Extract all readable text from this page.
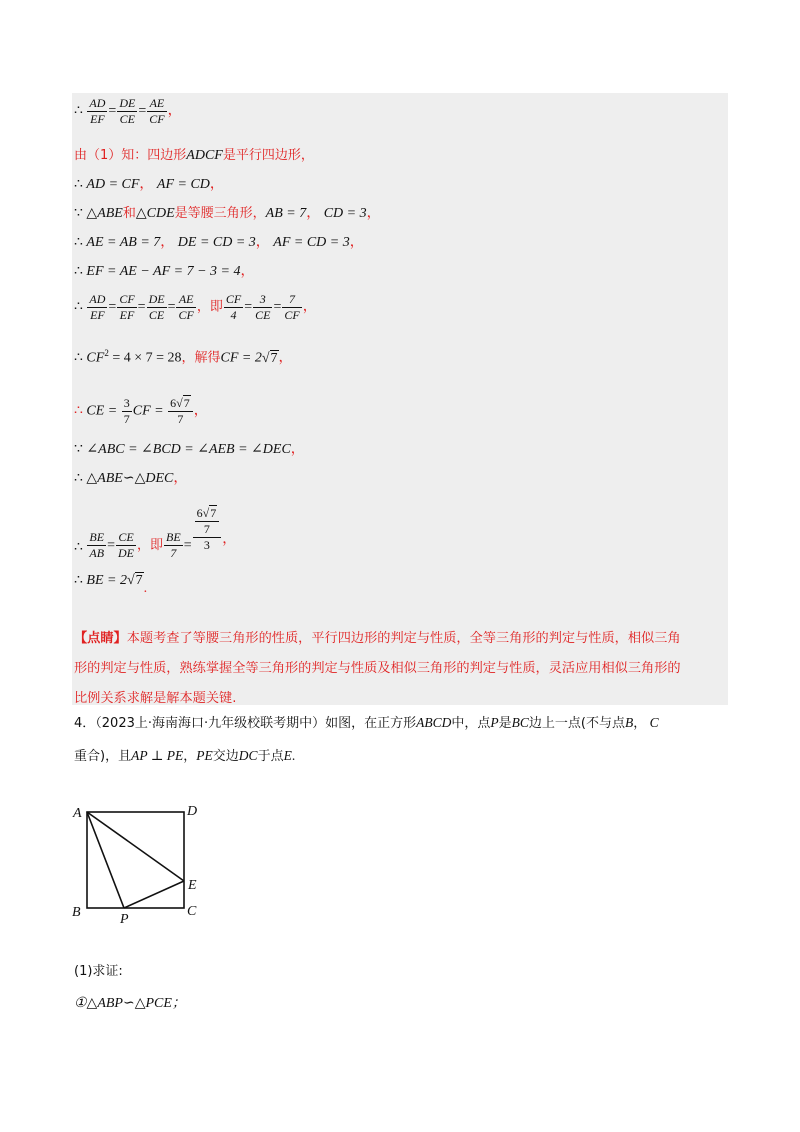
∴ $\frac{AD}{EF} = \frac{DE}{CE} = \frac{AE}{CF}$ ，
由（1）知：四边形ADCF是平行四边形，
∴ AD = CF， AF = CD，
∵ △ABE和△CDE是等腰三角形，AB = 7， CD = 3，
∴ AE = AB = 7， DE = CD = 3， AF = CD = 3，
∴ EF = AE − AF = 7 − 3 = 4，
∴ $\frac{AD}{EF} = \frac{CF}{EF} = \frac{DE}{CE} = \frac{AE}{CF}$ ，即 $\frac{CF}{4} = \frac{3}{CE} = \frac{7}{CF}$ ，
∴ $CF^2 = 4 \times 7 = 28$，解得CF = 2√7，
∴ CE = $\frac{3}{7}$ CF = $\frac{6√7}{7}$ ，
∵ ∠ABC = ∠BCD = ∠AEB = ∠DEC，
∴ △ABE∽△DEC，
∴ $\frac{BE}{AB} = \frac{CE}{DE}$ ，即 $\frac{BE}{7} = \frac{\frac{6√7}{7}}{3}$ ，
∴ BE = 2√7.
【点睛】本题考查了等腰三角形的性质，平行四边形的判定与性质，全等三角形的判定与性质，相似三角
形的判定与性质，熟练掌握全等三角形的判定与性质及相似三角形的判定与性质，灵活应用相似三角形的
比例关系求解是解本题关键.
4．（2023上·海南海口·九年级校联考期中）如图，在正方形ABCD中，点P是BC边上一点(不与点B， C
重合)，且AP ⊥ PE，PE交边DC于点E.
A	D
E
B	C
P
(1)求证:
①△ABP∽△PCE；
